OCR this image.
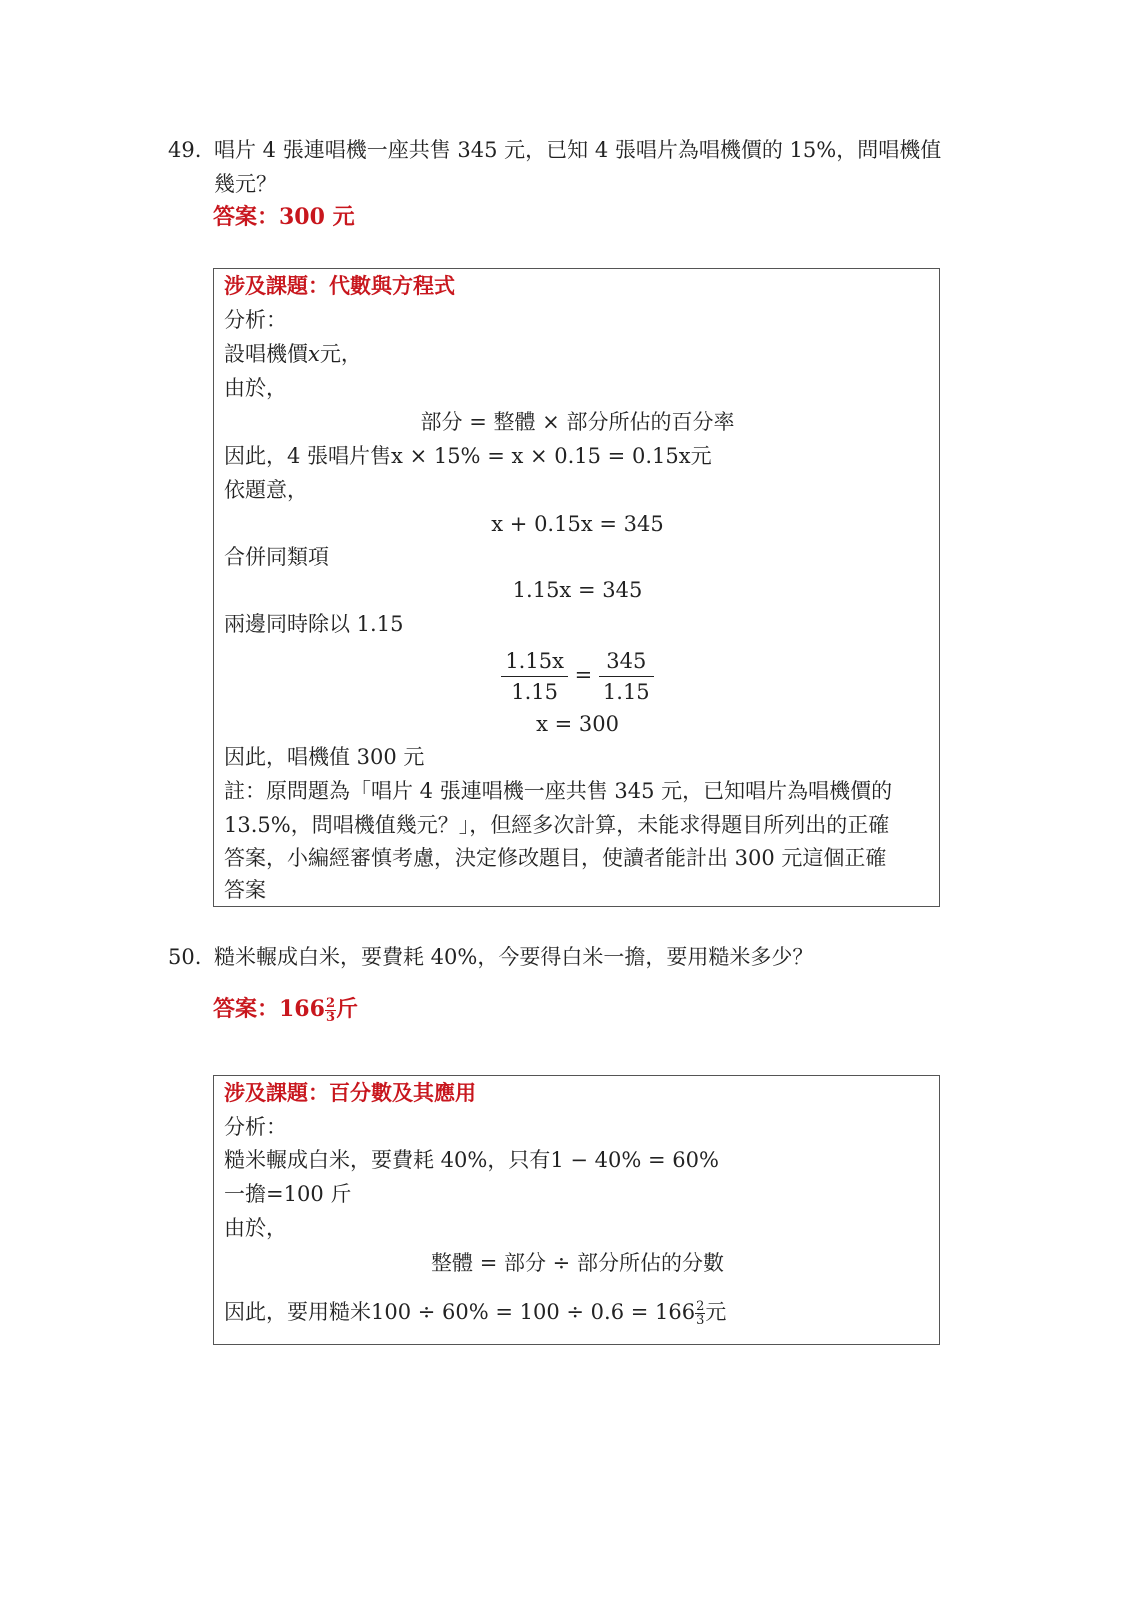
49. 唱片 4 張連唱機一座共售 345 元，已知 4 張唱片為唱機價的 15%，問唱機值幾元？
答案：300 元
涉及課題：代數與方程式
分析：
設唱機價x元，
由於，
部分 = 整體 × 部分所佔的百分率
因此，4 張唱片售x × 15% = x × 0.15 = 0.15x元
依題意，
x + 0.15x = 345
合併同類項
1.15x = 345
兩邊同時除以 1.15
$\frac{1.15x}{1.15} = \frac{345}{1.15}$
x = 300
因此，唱機值 300 元
註：原問題為「唱片 4 張連唱機一座共售 345 元，已知唱片為唱機價的
13.5%，問唱機值幾元？」，但經多次計算，未能求得題目所列出的正確
答案，小編經審慎考慮，決定修改題目，使讀者能計出 300 元這個正確
答案
50. 糙米輾成白米，要費耗 40%，今要得白米一擔，要用糙米多少？
答案：$166 \frac{2}{3}$ 斤
涉及課題：百分數及其應用
分析：
糙米輾成白米，要費耗 40%，只有1 − 40% = 60%
一擔=100 斤
由於，
整體 = 部分 ÷ 部分所佔的分數
因此，要用糙米$100 \div 60\% = 100 \div 0.6 = 166 \frac{2}{3}$ 元
